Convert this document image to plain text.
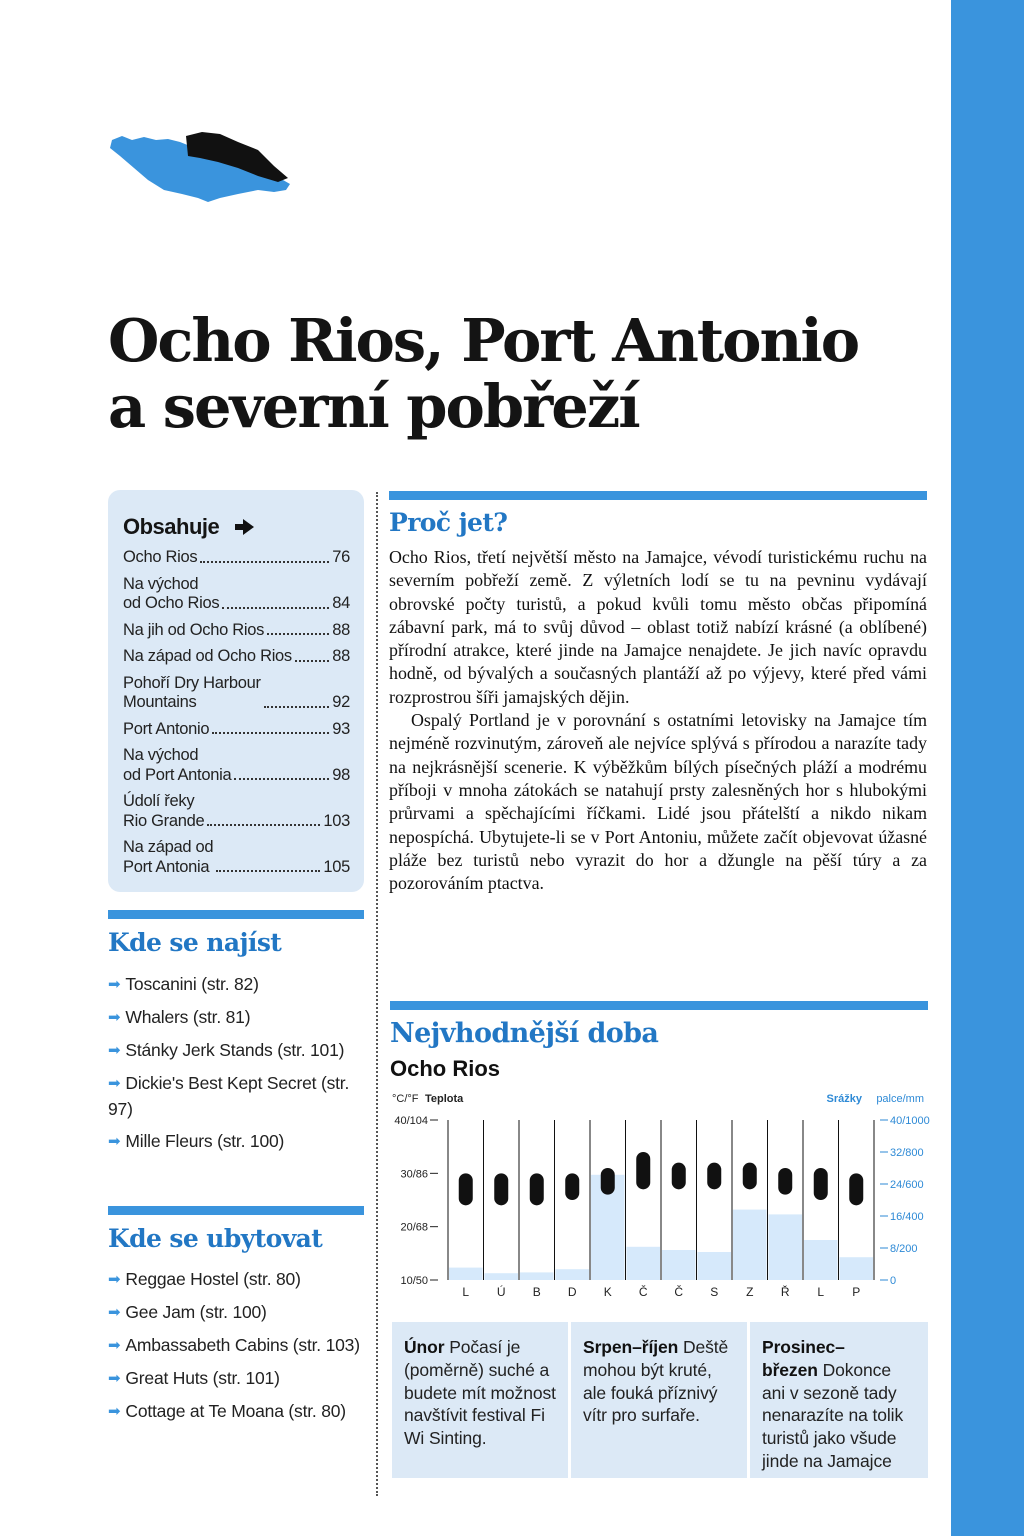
Ocho Rios, Port Antonio
a severní pobřeží
Obsahuje
Ocho Rios	76
Na východ
od Ocho Rios	84
Na jih od Ocho Rios	88
Na západ od Ocho Rios 88
Pohoří Dry Harbour
Mountains	92
Port Antonio	93
Na východ
od Port Antonia	98
Údolí řeky
Rio Grande	103
Na západ od
Port Antonia	105
Kde se najíst
➡ Toscanini (str. 82)
➡ Whalers (str. 81)
➡ Stánky Jerk Stands (str. 101)
➡ Dickie's Best Kept Secret (str. 97)
➡ Mille Fleurs (str. 100)
Kde se ubytovat
➡ Reggae Hostel (str. 80)
➡ Gee Jam (str. 100)
➡ Ambassabeth Cabins (str. 103)
➡ Great Huts (str. 101)
➡ Cottage at Te Moana (str. 80)
Proč jet?

Ocho Rios, třetí největší město na Jamajce, vévodí turistickému ruchu na severním pobřeží země. Z výletních lodí se tu na pevninu vydávají obrovské počty turistů, a pokud kvůli tomu město občas připomíná zábavní park, má to svůj důvod – oblast totiž nabízí krásné (a oblíbené) přírodní atrakce, které jinde na Jamajce nenajdete. Je jich navíc opravdu hodně, od bývalých a současných plantáží až po výjevy, které před vámi rozprostrou šíři jamajských dějin.

Ospalý Portland je v porovnání s ostatními letovisky na Jamajce tím nejméně rozvinutým, zároveň ale nejvíce splývá s přírodou a narazíte tady na nejkrásnější scenerie. K výběžkům bílých písečných pláží a modrému příboji v mnoha zátokách se natahují prsty zalesněných hor s hlubokými průrvami a spěchajícími říčkami. Lidé jsou přátelští a nikdo nikam nepospíchá. Ubytujete-li se v Port Antoniu, můžete začít objevovat úžasné pláže bez turistů nebo vyrazit do hor a džungle na pěší túry a za pozorováním ptactva.

Nejvhodnější doba
Ocho Rios
°C/°F Teplota	Srážky palce/mm
40/104
30/86
20/68
10/50
40/1000
32/800
24/600
16/400
8/200
0
L Ú B D K Č Č S Z Ř L P
Únor Počasí je (poměrně) suché a budete mít možnost navštívit festival Fi Wi Sinting.
Srpen–říjen Deště mohou být kruté, ale fouká příznivý vítr pro surfaře.
Prosinec–březen Dokonce ani v sezoně tady nenarazíte na tolik turistů jako všude jinde na Jamajce
